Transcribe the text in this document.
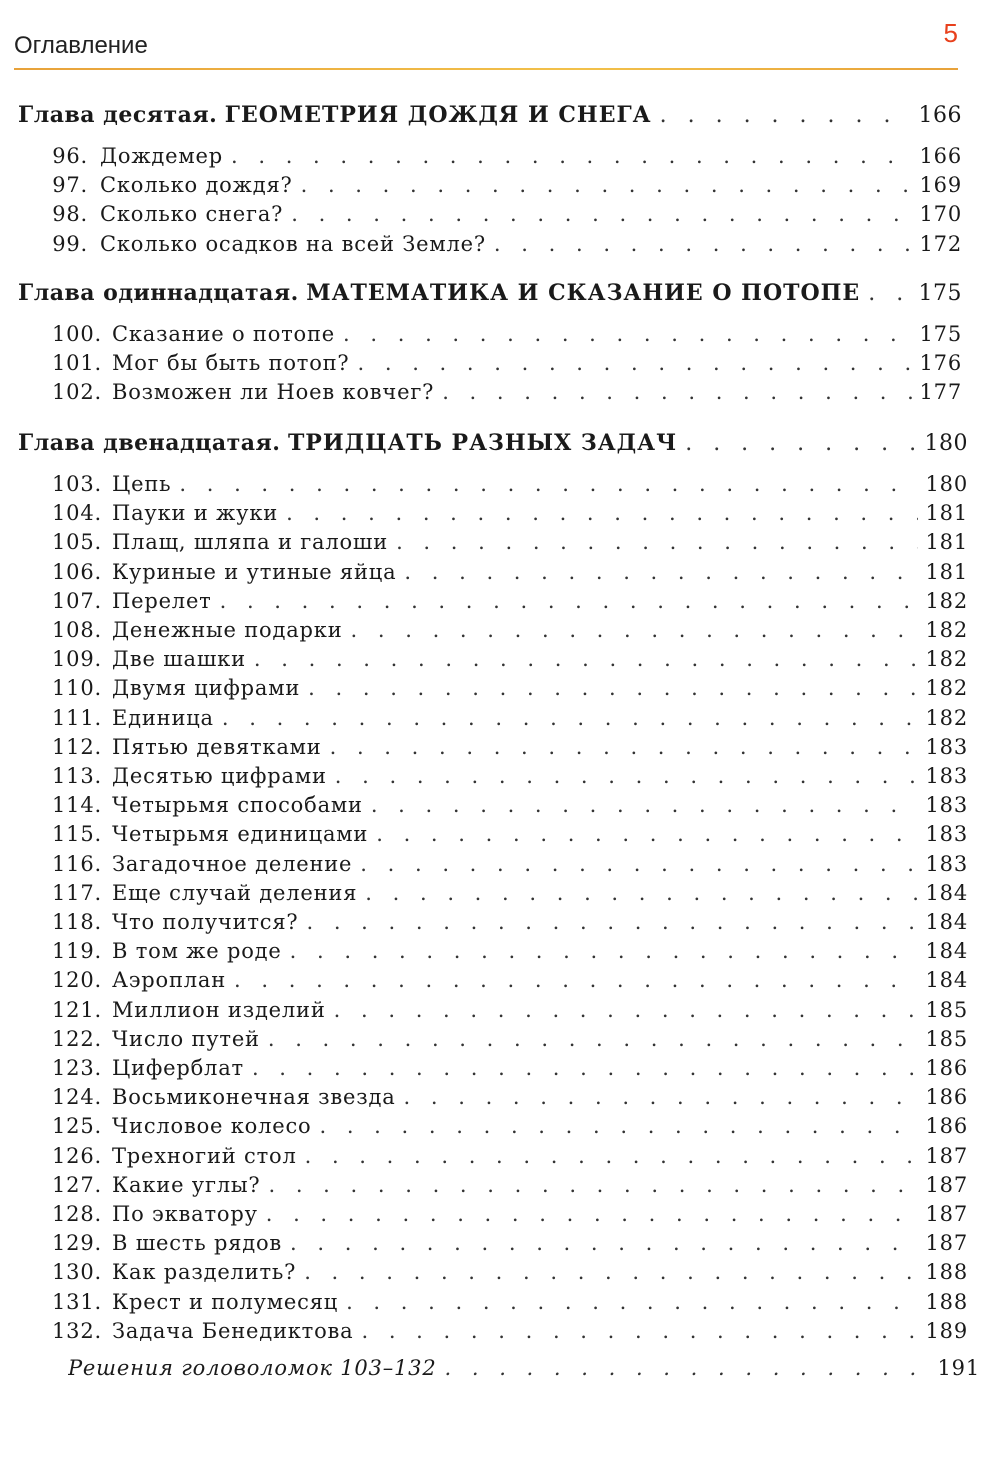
Оглавление	5
Глава десятая. ГЕОМЕТРИЯ ДОЖДЯ И СНЕГА . . .	166
96. Дождемер . . .	166
97. Сколько дождя? . . .	169
98. Сколько снега? . . .	170
99. Сколько осадков на всей Земле? . . .	172
Глава одиннадцатая. МАТЕМАТИКА И СКАЗАНИЕ О ПОТОПЕ . . .	175
100. Сказание о потопе . . .	175
101. Мог бы быть потоп? . . .	176
102. Возможен ли Ноев ковчег? . . .	177
Глава двенадцатая. ТРИДЦАТЬ РАЗНЫХ ЗАДАЧ . . .	180
103. Цепь . . .	180
104. Пауки и жуки . . .	181
105. Плащ, шляпа и галоши . . .	181
106. Куриные и утиные яйца . . .	181
107. Перелет . . .	182
108. Денежные подарки . . .	182
109. Две шашки . . .	182
110. Двумя цифрами . . .	182
111. Единица . . .	182
112. Пятью девятками . . .	183
113. Десятью цифрами . . .	183
114. Четырьмя способами . . .	183
115. Четырьмя единицами . . .	183
116. Загадочное деление . . .	183
117. Еще случай деления . . .	184
118. Что получится? . . .	184
119. В том же роде . . .	184
120. Аэроплан . . .	184
121. Миллион изделий . . .	185
122. Число путей . . .	185
123. Циферблат . . .	186
124. Восьмиконечная звезда . . .	186
125. Числовое колесо . . .	186
126. Трехногий стол . . .	187
127. Какие углы? . . .	187
128. По экватору . . .	187
129. В шесть рядов . . .	187
130. Как разделить? . . .	188
131. Крест и полумесяц . . .	188
132. Задача Бенедиктова . . .	189
Решения головоломок 103–132 . . .	191
